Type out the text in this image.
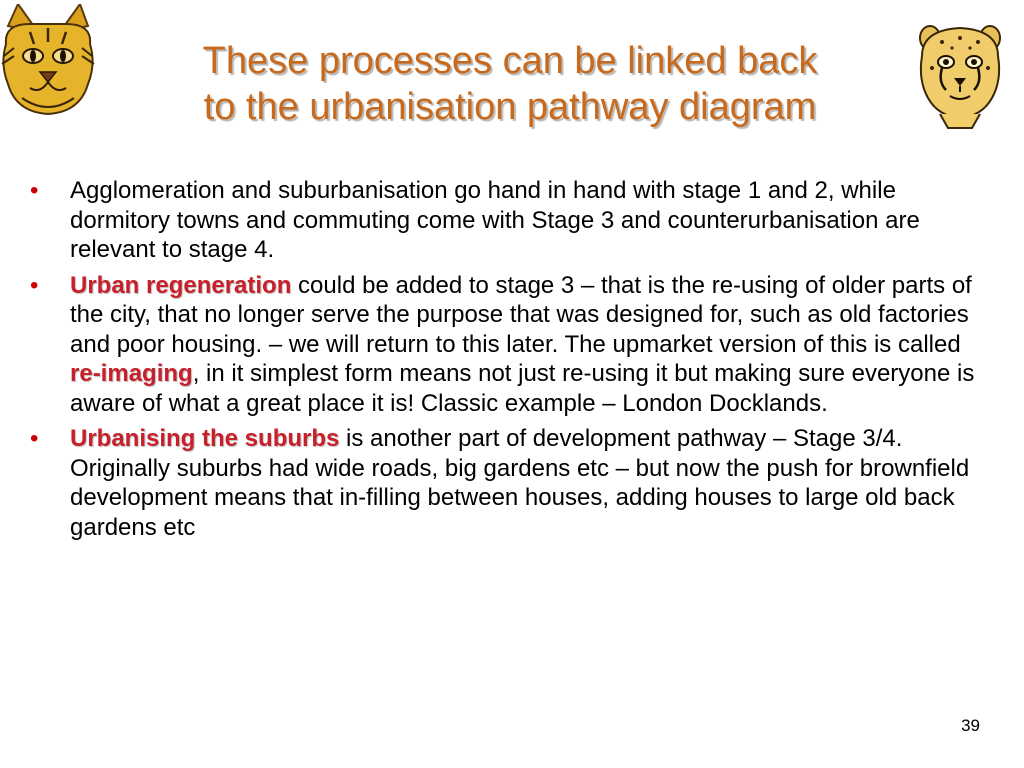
These processes can be linked back
to the urbanisation pathway diagram
•	Agglomeration and suburbanisation go hand in hand with stage 1 and 2, while dormitory towns and commuting come with Stage 3 and counterurbanisation are relevant to stage 4.
•	Urban regeneration could be added to stage 3 – that is the re-using of older parts of the city, that no longer serve the purpose that was designed for, such as old factories and poor housing. – we will return to this later. The upmarket version of this is called re-imaging, in it simplest form means not just re-using it but making sure everyone is aware of what a great place it is! Classic example – London Docklands.
•	Urbanising the suburbs is another part of development pathway – Stage 3/4. Originally suburbs had wide roads, big gardens etc – but now the push for brownfield development means that in-filling between houses, adding houses to large old back gardens etc
39
